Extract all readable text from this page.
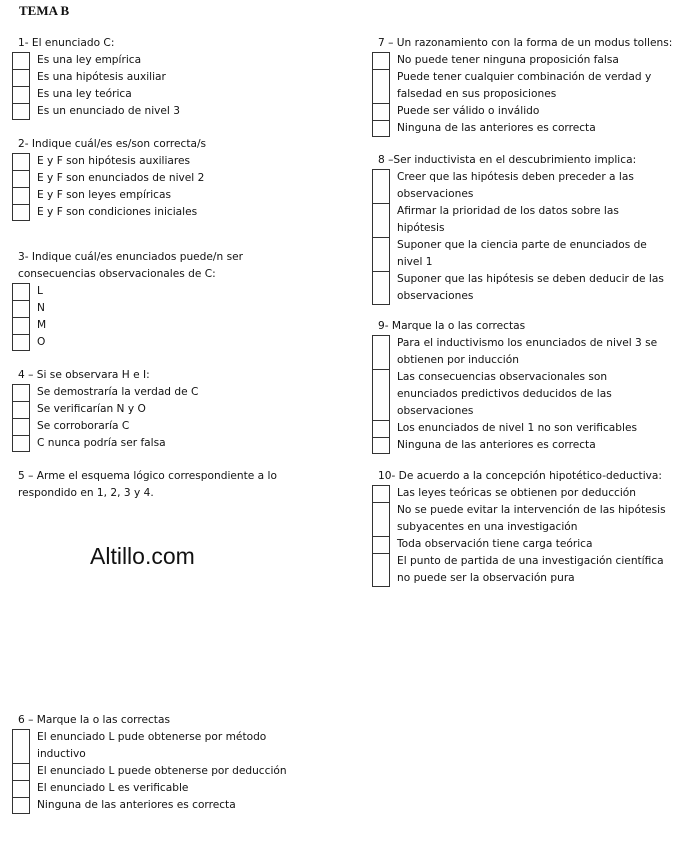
TEMA B
1- El enunciado C:
Es una ley empírica
Es una hipótesis auxiliar
Es una ley teórica
Es un enunciado de nivel 3
2- Indique cuál/es es/son correcta/s
E y F son hipótesis auxiliares
E y F son enunciados de nivel 2
E y F son leyes empíricas
E y F son condiciones iniciales
3- Indique cuál/es enunciados puede/n ser
consecuencias observacionales de C:
L
N
M
O
4 – Si se observara H e I:
Se demostraría la verdad de C
Se verificarían N y O
Se corroboraría C
C nunca podría ser falsa
5 – Arme el esquema lógico correspondiente a lo
respondido en 1, 2, 3 y 4.
6 – Marque la o las correctas
El enunciado L pude obtenerse por método
inductivo
El enunciado L puede obtenerse por deducción
El enunciado L es verificable
Ninguna de las anteriores es correcta
7 – Un razonamiento con la forma de un modus tollens:
No puede tener ninguna proposición falsa
Puede tener cualquier combinación de verdad y
falsedad en sus proposiciones
Puede ser válido o inválido
Ninguna de las anteriores es correcta
8 –Ser inductivista en el descubrimiento implica:
Creer que las hipótesis deben preceder a las
observaciones
Afirmar la prioridad de los datos sobre las
hipótesis
Suponer que la ciencia parte de enunciados de
nivel 1
Suponer que las hipótesis se deben deducir de las
observaciones
9- Marque la o las correctas
Para el inductivismo los enunciados de nivel 3 se
obtienen por inducción
Las consecuencias observacionales son
enunciados predictivos deducidos de las
observaciones
Los enunciados de nivel 1 no son verificables
Ninguna de las anteriores es correcta
10- De acuerdo a la concepción hipotético-deductiva:
Las leyes teóricas se obtienen por deducción
No se puede evitar la intervención de las hipótesis
subyacentes en una investigación
Toda observación tiene carga teórica
El punto de partida de una investigación científica
no puede ser la observación pura
Altillo.com
